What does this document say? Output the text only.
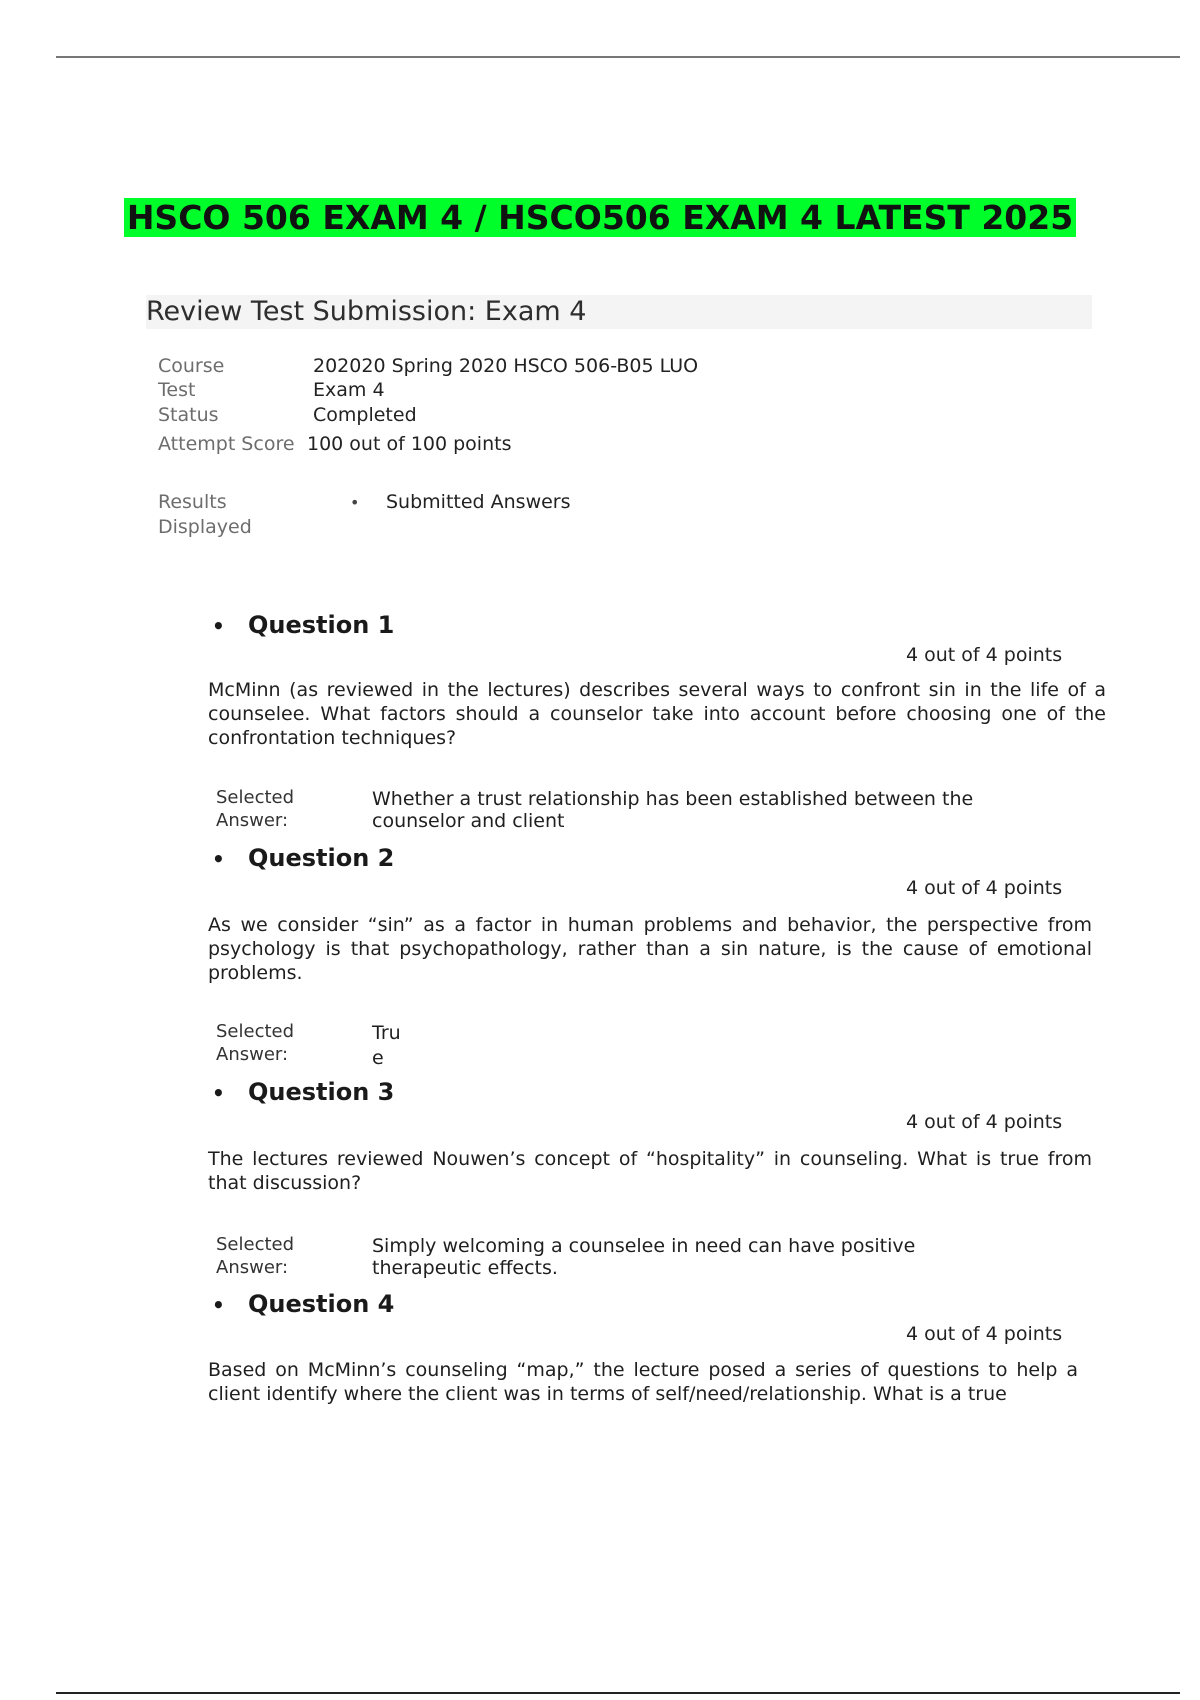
HSCO 506 EXAM 4 / HSCO506 EXAM 4 LATEST 2025
Review Test Submission: Exam 4
Course	202020 Spring 2020 HSCO 506-B05 LUO
Test	Exam 4
Status	Completed
Attempt Score 100 out of 100 points
Results Displayed
• Submitted Answers
• Question 1
4 out of 4 points

McMinn (as reviewed in the lectures) describes several ways to confront sin in the life of a counselee. What factors should a counselor take into account before choosing one of the confrontation techniques?

Selected Answer:
Whether a trust relationship has been established between the counselor and client
• Question 2
4 out of 4 points

As we consider “sin” as a factor in human problems and behavior, the perspective from psychology is that psychopathology, rather than a sin nature, is the cause of emotional problems.

Selected Answer:
True
• Question 3
4 out of 4 points

The lectures reviewed Nouwen’s concept of “hospitality” in counseling. What is true from that discussion?

Selected Answer:
Simply welcoming a counselee in need can have positive therapeutic effects.
• Question 4
4 out of 4 points

Based on McMinn’s counseling “map,” the lecture posed a series of questions to help a client identify where the client was in terms of self/need/relationship. What is a true
